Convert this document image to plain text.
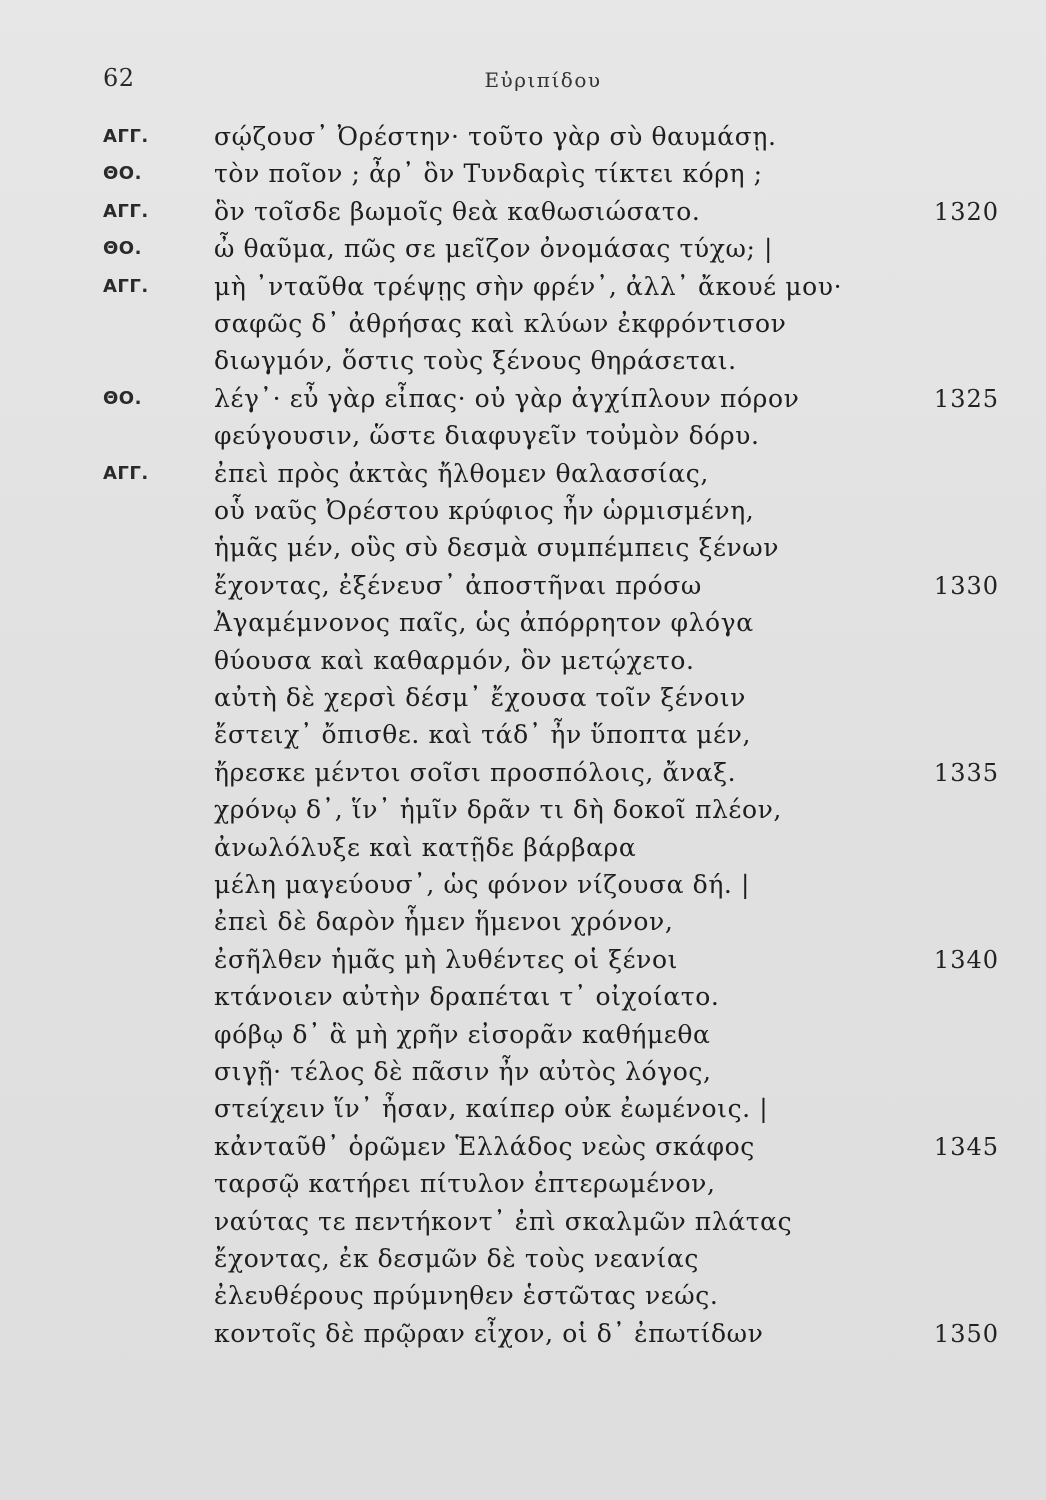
62	Εὐριπίδου
ΑΓΓ.	σῴζουσ᾽ Ὀρέστην· τοῦτο γὰρ σὺ θαυμάσῃ.
ΘΟ.	τὸν ποῖον ; ἆρ᾽ ὃν Τυνδαρὶς τίκτει κόρη ;
ΑΓΓ.	ὃν τοῖσδε βωμοῖς θεὰ καθωσιώσατο.	1320
ΘΟ.	ὦ θαῦμα, πῶς σε μεῖζον ὀνομάσας τύχω; |
ΑΓΓ.	μὴ ᾽νταῦθα τρέψῃς σὴν φρέν᾽, ἀλλ᾽ ἄκουέ μου·
σαφῶς δ᾽ ἀθρήσας καὶ κλύων ἐκφρόντισον
διωγμόν, ὅστις τοὺς ξένους θηράσεται.
ΘΟ.	λέγ᾽· εὖ γὰρ εἶπας· οὐ γὰρ ἀγχίπλουν πόρον	1325
φεύγουσιν, ὥστε διαφυγεῖν τοὐμὸν δόρυ.
ΑΓΓ.	ἐπεὶ πρὸς ἀκτὰς ἤλθομεν θαλασσίας,
οὗ ναῦς Ὀρέστου κρύφιος ἦν ὡρμισμένη,
ἡμᾶς μέν, οὓς σὺ δεσμὰ συμπέμπεις ξένων
ἔχοντας, ἐξένευσ᾽ ἀποστῆναι πρόσω	1330
Ἀγαμέμνονος παῖς, ὡς ἀπόρρητον φλόγα
θύουσα καὶ καθαρμόν, ὃν μετῴχετο.
αὐτὴ δὲ χερσὶ δέσμ᾽ ἔχουσα τοῖν ξένοιν
ἔστειχ᾽ ὄπισθε. καὶ τάδ᾽ ἦν ὕποπτα μέν,
ἤρεσκε μέντοι σοῖσι προσπόλοις, ἄναξ.	1335
χρόνῳ δ᾽, ἵν᾽ ἡμῖν δρᾶν τι δὴ δοκοῖ πλέον,
ἀνωλόλυξε καὶ κατῇδε βάρβαρα
μέλη μαγεύουσ᾽, ὡς φόνον νίζουσα δή. |
ἐπεὶ δὲ δαρὸν ἧμεν ἥμενοι χρόνον,
ἐσῆλθεν ἡμᾶς μὴ λυθέντες οἱ ξένοι	1340
κτάνοιεν αὐτὴν δραπέται τ᾽ οἰχοίατο.
φόβῳ δ᾽ ἃ μὴ χρῆν εἰσορᾶν καθήμεθα
σιγῇ· τέλος δὲ πᾶσιν ἦν αὐτὸς λόγος,
στείχειν ἵν᾽ ἦσαν, καίπερ οὐκ ἐωμένοις. |
κἀνταῦθ᾽ ὁρῶμεν Ἑλλάδος νεὼς σκάφος	1345
ταρσῷ κατήρει πίτυλον ἐπτερωμένον,
ναύτας τε πεντήκοντ᾽ ἐπὶ σκαλμῶν πλάτας
ἔχοντας, ἐκ δεσμῶν δὲ τοὺς νεανίας
ἐλευθέρους πρύμνηθεν ἑστῶτας νεώς.
κοντοῖς δὲ πρῷραν εἶχον, οἱ δ᾽ ἐπωτίδων	1350
